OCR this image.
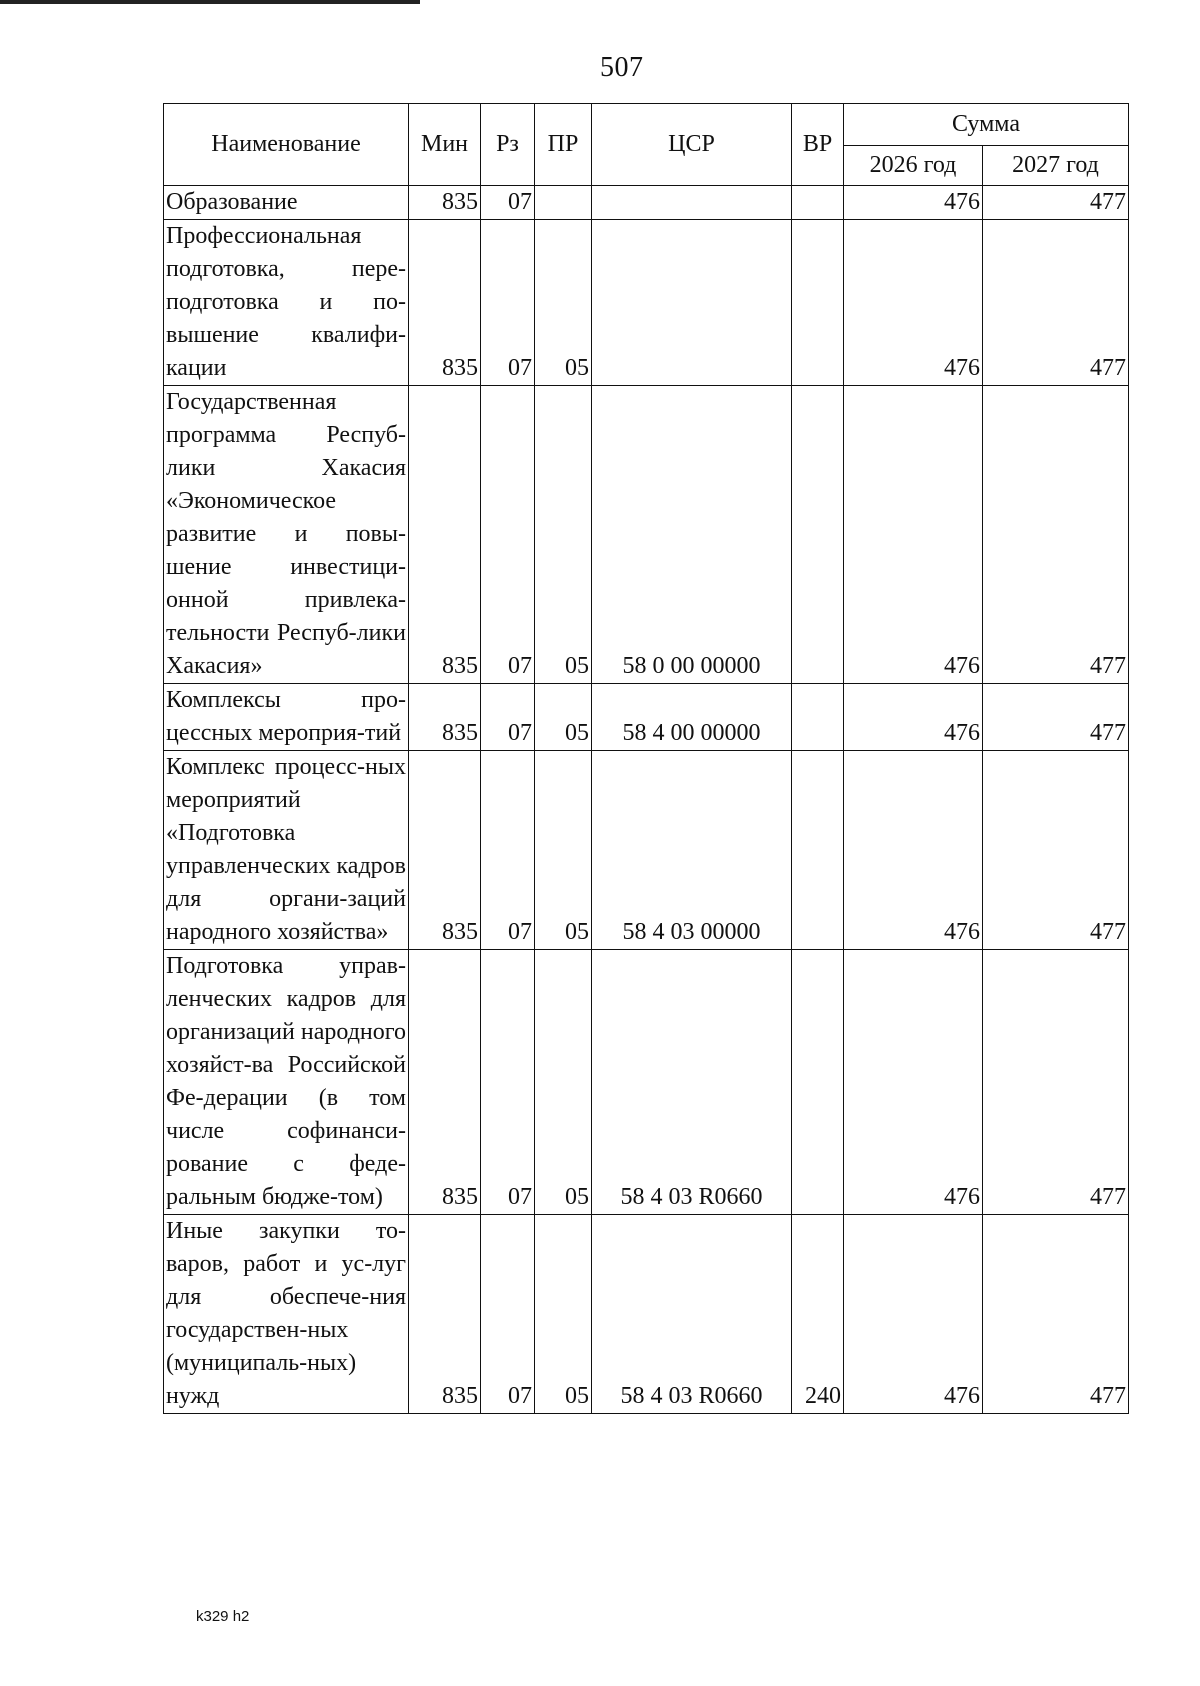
507
Наименование	Мин	Рз	ПР	ЦСР	ВР	Сумма	
						2026 год	2027 год
Образование	835	07				476	477
Профессиональная подготовка, пере-подготовка и по-вышение квалифи-кации	835	07	05			476	477
Государственная программа Респуб-лики Хакасия «Экономическое развитие и повы-шение инвестици-онной привлека-тельности Респуб-лики Хакасия»	835	07	05	58 0 00 00000		476	477
Комплексы про-цессных мероприя-тий	835	07	05	58 4 00 00000		476	477
Комплекс процесс-ных мероприятий «Подготовка управленческих кадров для органи-заций народного хозяйства»	835	07	05	58 4 03 00000		476	477
Подготовка управ-ленческих кадров для организаций народного хозяйст-ва Российской Фе-дерации (в том числе софинанси-рование с феде-ральным бюдже-том)	835	07	05	58 4 03 R0660		476	477
Иные закупки то-варов, работ и ус-луг для обеспече-ния государствен-ных (муниципаль-ных) нужд	835	07	05	58 4 03 R0660	240	476	477
k329 h2
